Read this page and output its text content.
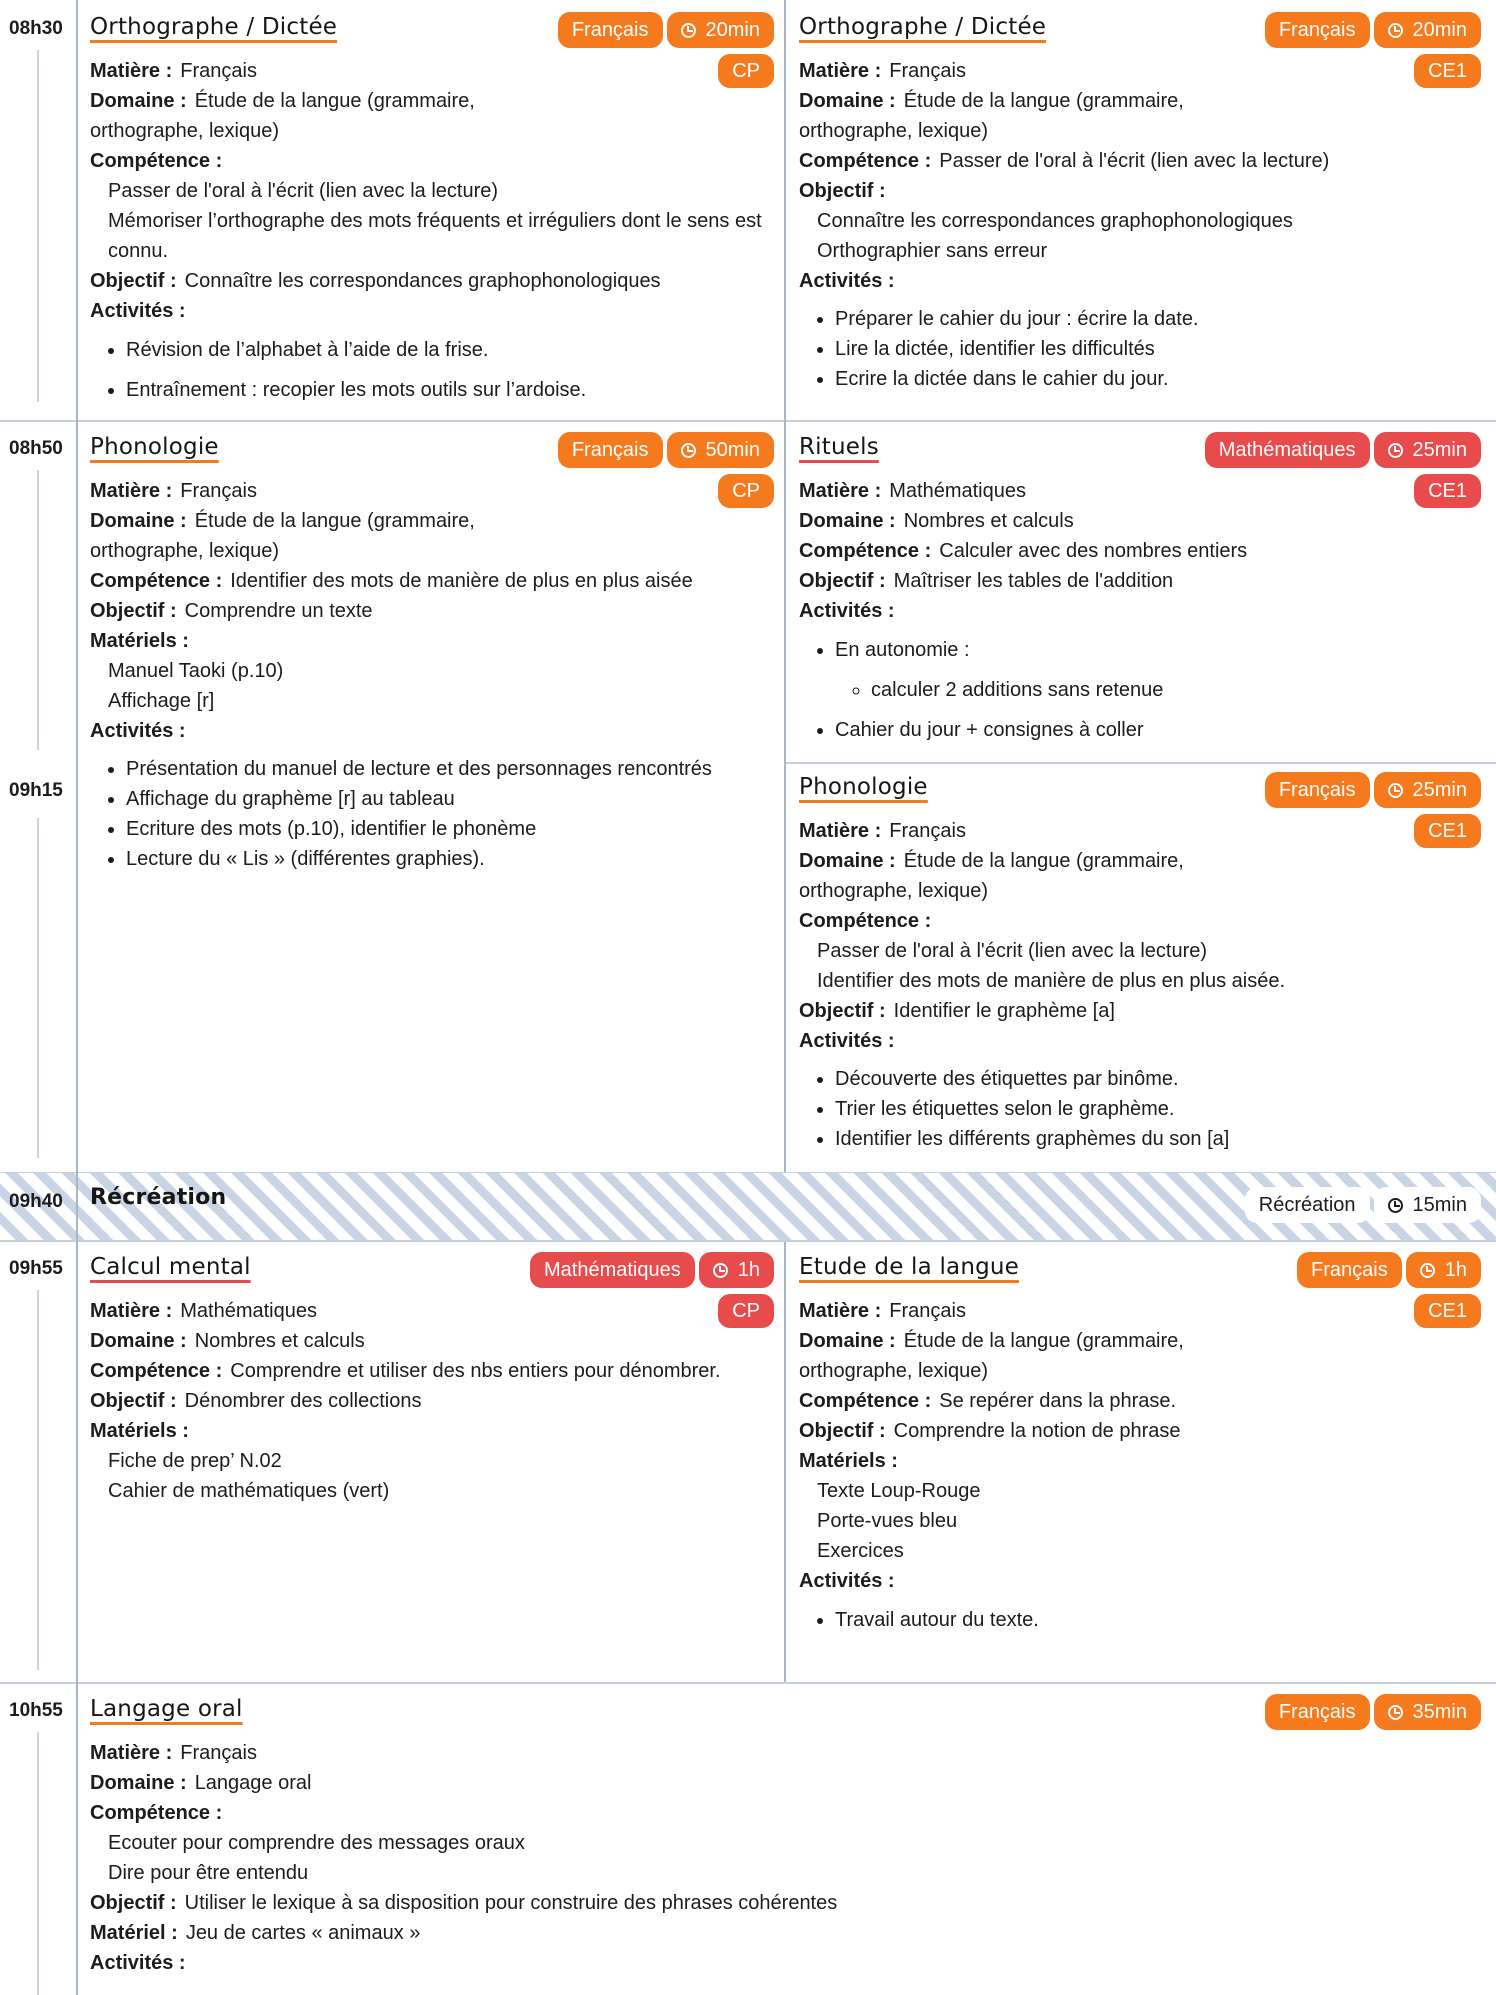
08h30
08h50
09h15
09h40
09h55
10h55
Orthographe / Dictée	Français	20min
CP
Matière : Français
Domaine : Étude de la langue (grammaire,
orthographe, lexique)
Compétence :
Passer de l'oral à l'écrit (lien avec la lecture)
Mémoriser l’orthographe des mots fréquents et irréguliers dont le sens est connu.
Objectif : Connaître les correspondances graphophonologiques
Activités :
• Révision de l’alphabet à l’aide de la frise.
• Entraînement : recopier les mots outils sur l’ardoise.
Orthographe / Dictée	Français	20min
CE1
Matière : Français
Domaine : Étude de la langue (grammaire,
orthographe, lexique)
Compétence : Passer de l'oral à l'écrit (lien avec la lecture)
Objectif :
Connaître les correspondances graphophonologiques
Orthographier sans erreur
Activités :
• Préparer le cahier du jour : écrire la date.
• Lire la dictée, identifier les difficultés
• Ecrire la dictée dans le cahier du jour.
Phonologie	Français	50min
CP
Matière : Français
Domaine : Étude de la langue (grammaire,
orthographe, lexique)
Compétence : Identifier des mots de manière de plus en plus aisée
Objectif : Comprendre un texte
Matériels :
Manuel Taoki (p.10)
Affichage [r]
Activités :
• Présentation du manuel de lecture et des personnages rencontrés
• Affichage du graphème [r] au tableau
• Ecriture des mots (p.10), identifier le phonème
• Lecture du « Lis » (différentes graphies).
Rituels	Mathématiques	25min
CE1
Matière : Mathématiques
Domaine : Nombres et calculs
Compétence : Calculer avec des nombres entiers
Objectif : Maîtriser les tables de l'addition
Activités :
• En autonomie :
◦ calculer 2 additions sans retenue
• Cahier du jour + consignes à coller
Phonologie	Français	25min
CE1
Matière : Français
Domaine : Étude de la langue (grammaire,
orthographe, lexique)
Compétence :
Passer de l'oral à l'écrit (lien avec la lecture)
Identifier des mots de manière de plus en plus aisée.
Objectif : Identifier le graphème [a]
Activités :
• Découverte des étiquettes par binôme.
• Trier les étiquettes selon le graphème.
• Identifier les différents graphèmes du son [a]
Récréation	Récréation	15min
Calcul mental	Mathématiques	1h
CP
Matière : Mathématiques
Domaine : Nombres et calculs
Compétence : Comprendre et utiliser des nbs entiers pour dénombrer.
Objectif : Dénombrer des collections
Matériels :
Fiche de prep’ N.02
Cahier de mathématiques (vert)
Etude de la langue	Français	1h
CE1
Matière : Français
Domaine : Étude de la langue (grammaire,
orthographe, lexique)
Compétence : Se repérer dans la phrase.
Objectif : Comprendre la notion de phrase
Matériels :
Texte Loup-Rouge
Porte-vues bleu
Exercices
Activités :
• Travail autour du texte.
Langage oral	Français	35min
Matière : Français
Domaine : Langage oral
Compétence :
Ecouter pour comprendre des messages oraux
Dire pour être entendu
Objectif : Utiliser le lexique à sa disposition pour construire des phrases cohérentes
Matériel : Jeu de cartes « animaux »
Activités :
